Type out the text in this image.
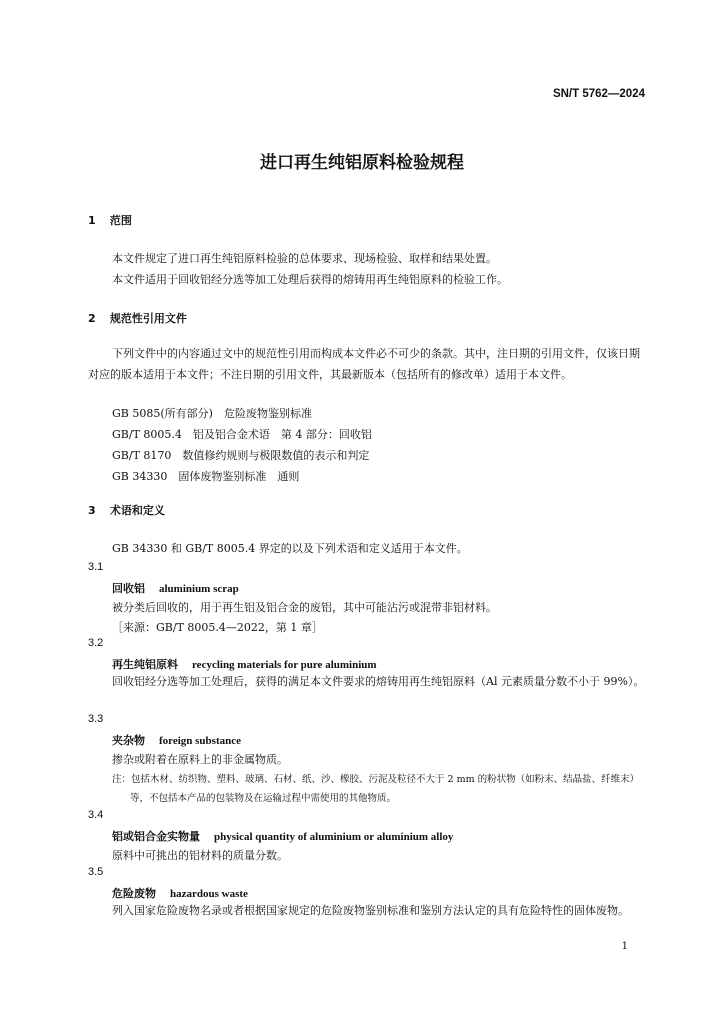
SN/T 5762—2024
进口再生纯铝原料检验规程
1 范围
本文件规定了进口再生纯铝原料检验的总体要求、现场检验、取样和结果处置。
本文件适用于回收铝经分选等加工处理后获得的熔铸用再生纯铝原料的检验工作。
2 规范性引用文件
下列文件中的内容通过文中的规范性引用而构成本文件必不可少的条款。其中，注日期的引用文件，仅该日期对应的版本适用于本文件；不注日期的引用文件，其最新版本（包括所有的修改单）适用于本文件。
GB 5085(所有部分)　危险废物鉴别标准
GB/T 8005.4　铝及铝合金术语　第 4 部分：回收铝
GB/T 8170　数值修约规则与极限数值的表示和判定
GB 34330　固体废物鉴别标准　通则
3 术语和定义
GB 34330 和 GB/T 8005.4 界定的以及下列术语和定义适用于本文件。
3.1
回收铝 aluminium scrap
被分类后回收的，用于再生铝及铝合金的废铝，其中可能沾污或混带非铝材料。
［来源：GB/T 8005.4—2022，第 1 章］
3.2
再生纯铝原料 recycling materials for pure aluminium
回收铝经分选等加工处理后，获得的满足本文件要求的熔铸用再生纯铝原料（Al 元素质量分数不小于 99%）。
3.3
夹杂物 foreign substance
掺杂或附着在原料上的非金属物质。
注：包括木材、纺织物、塑料、玻璃、石材、纸、沙、橡胶、污泥及粒径不大于 2 mm 的粉状物（如粉末、结晶盐、纤维末）
等，不包括本产品的包装物及在运输过程中需使用的其他物质。
3.4
铝或铝合金实物量 physical quantity of aluminium or aluminium alloy
原料中可挑出的铝材料的质量分数。
3.5
危险废物 hazardous waste
列入国家危险废物名录或者根据国家规定的危险废物鉴别标准和鉴别方法认定的具有危险特性的固体废物。
1
